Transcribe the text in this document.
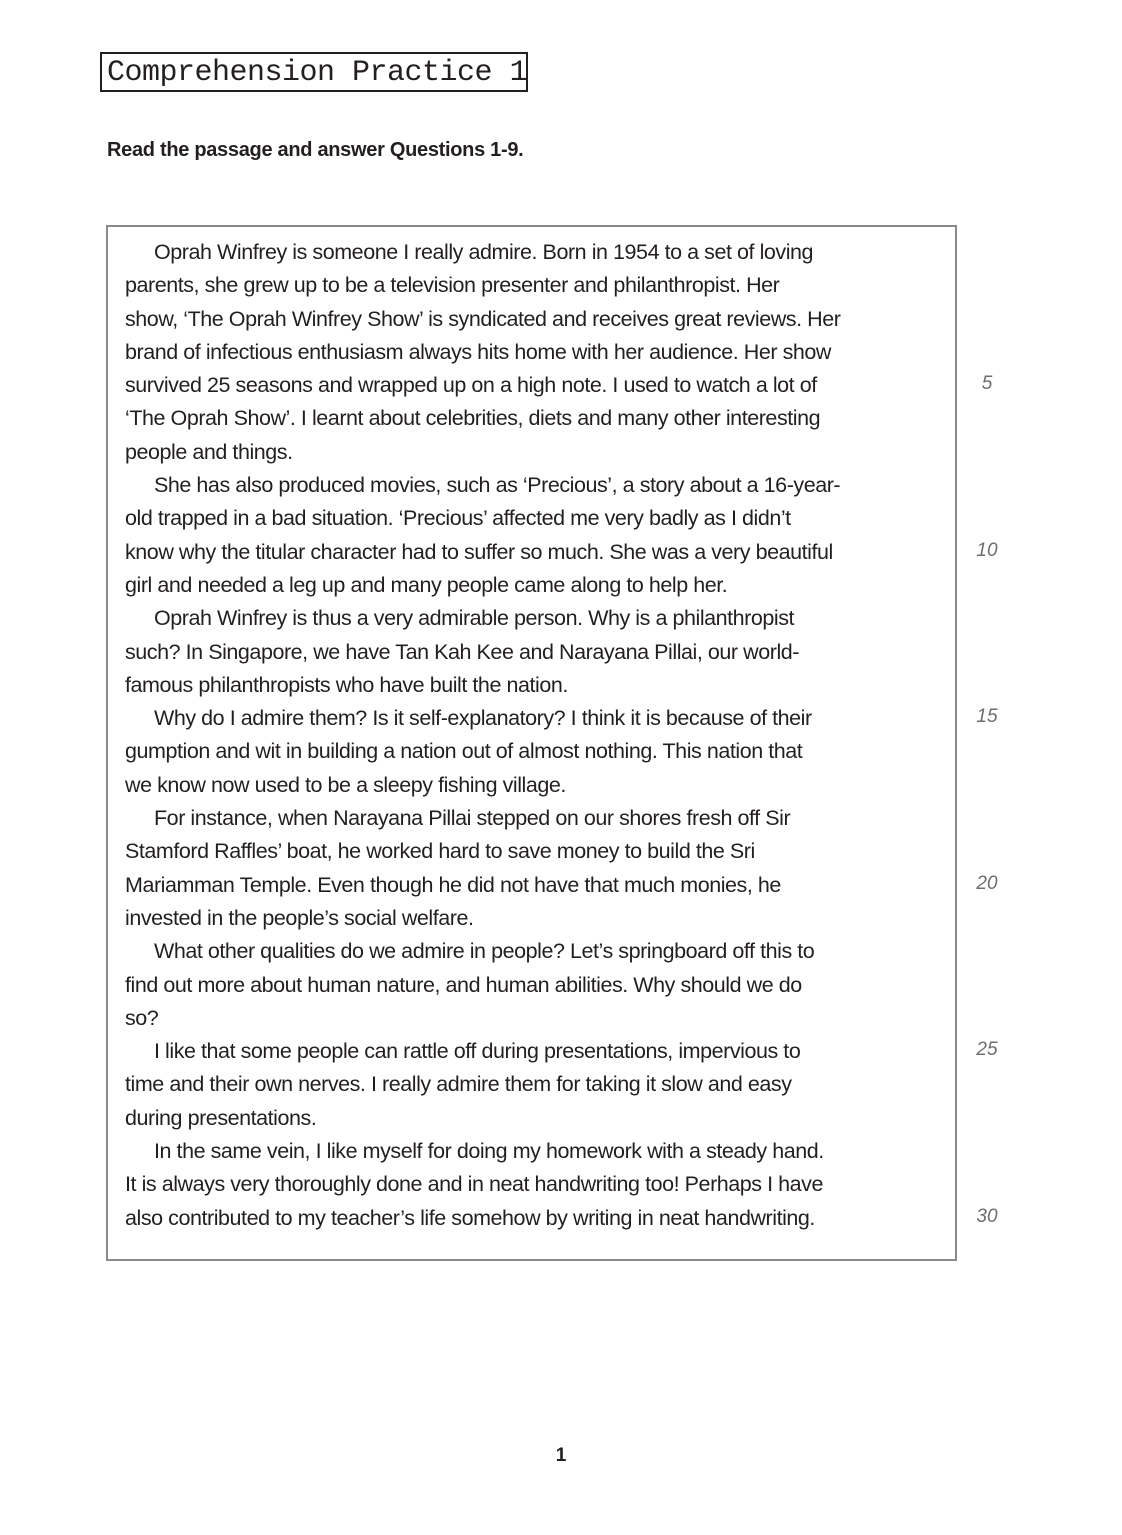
Comprehension Practice 1
Read the passage and answer Questions 1-9.
Oprah Winfrey is someone I really admire. Born in 1954 to a set of loving
parents, she grew up to be a television presenter and philanthropist. Her
show, ‘The Oprah Winfrey Show’ is syndicated and receives great reviews. Her
brand of infectious enthusiasm always hits home with her audience. Her show
survived 25 seasons and wrapped up on a high note. I used to watch a lot of
‘The Oprah Show’. I learnt about celebrities, diets and many other interesting
people and things.
She has also produced movies, such as ‘Precious’, a story about a 16-year-
old trapped in a bad situation. ‘Precious’ affected me very badly as I didn’t
know why the titular character had to suffer so much. She was a very beautiful
girl and needed a leg up and many people came along to help her.
Oprah Winfrey is thus a very admirable person. Why is a philanthropist
such? In Singapore, we have Tan Kah Kee and Narayana Pillai, our world-
famous philanthropists who have built the nation.
Why do I admire them? Is it self-explanatory? I think it is because of their
gumption and wit in building a nation out of almost nothing. This nation that
we know now used to be a sleepy fishing village.
For instance, when Narayana Pillai stepped on our shores fresh off Sir
Stamford Raffles’ boat, he worked hard to save money to build the Sri
Mariamman Temple. Even though he did not have that much monies, he
invested in the people’s social welfare.
What other qualities do we admire in people? Let’s springboard off this to
find out more about human nature, and human abilities. Why should we do
so?
I like that some people can rattle off during presentations, impervious to
time and their own nerves. I really admire them for taking it slow and easy
during presentations.
In the same vein, I like myself for doing my homework with a steady hand.
It is always very thoroughly done and in neat handwriting too! Perhaps I have
also contributed to my teacher’s life somehow by writing in neat handwriting.
5
10
15
20
25
30
1
